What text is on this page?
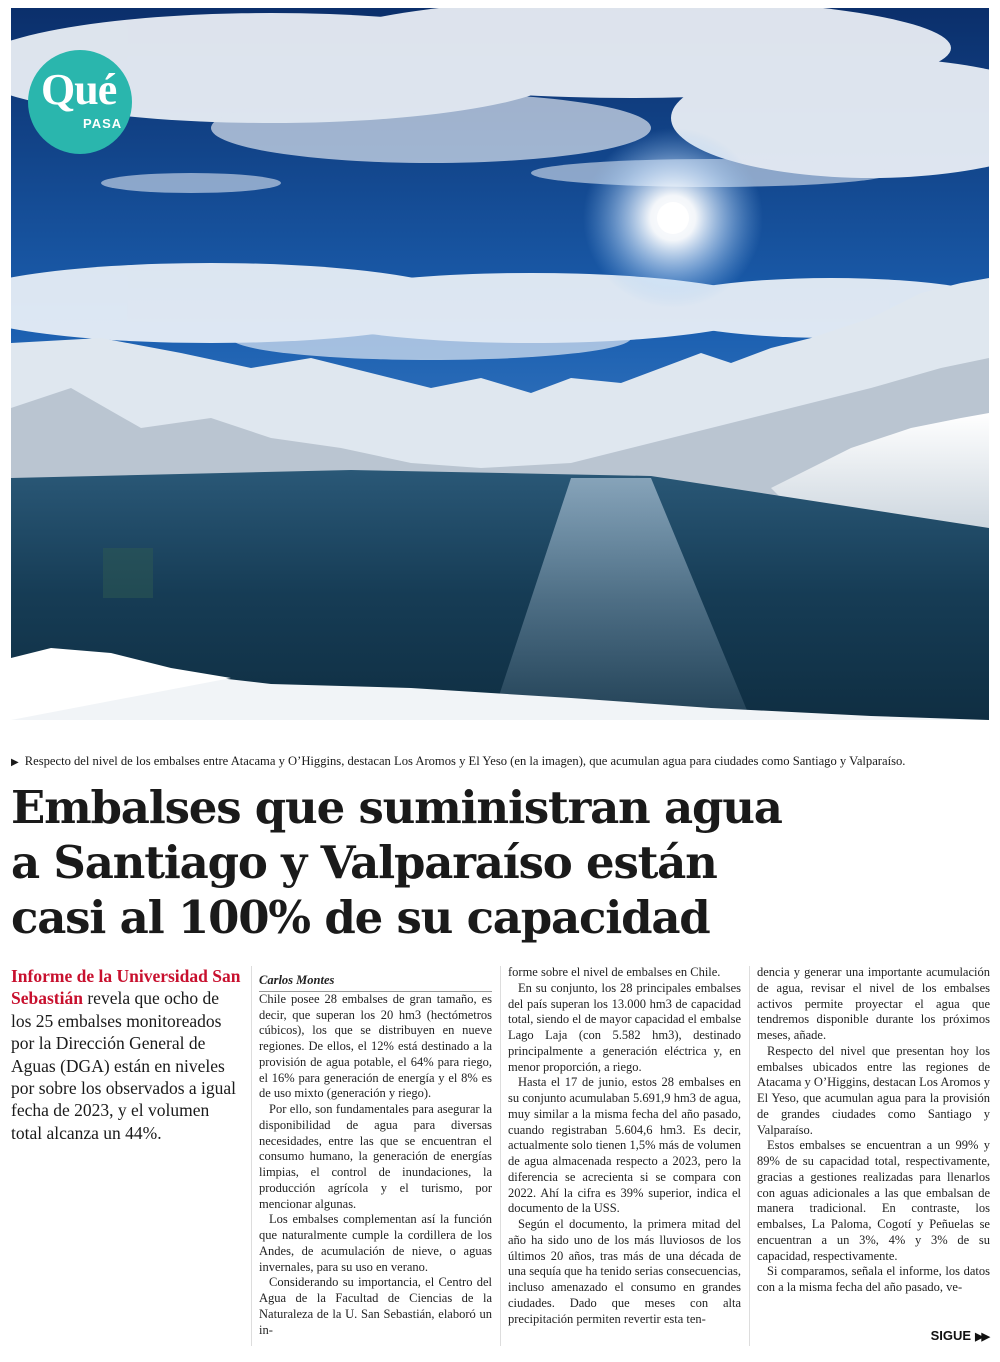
Qué
PASA
▶ Respecto del nivel de los embalses entre Atacama y O’Higgins, destacan Los Aromos y El Yeso (en la imagen), que acumulan agua para ciudades como Santiago y Valparaíso.
Embalses que suministran agua a Santiago y Valparaíso están casi al 100% de su capacidad
Informe de la Universidad San Sebastián revela que ocho de los 25 embalses monitoreados por la Dirección General de Aguas (DGA) están en niveles por sobre los observados a igual fecha de 2023, y el volumen total alcanza un 44%.

Carlos Montes

Chile posee 28 embalses de gran tamaño, es decir, que superan los 20 hm3 (hectómetros cúbicos), los que se distribuyen en nueve regiones. De ellos, el 12% está destinado a la provisión de agua potable, el 64% para riego, el 16% para generación de energía y el 8% es de uso mixto (generación y riego).

Por ello, son fundamentales para asegurar la disponibilidad de agua para diversas necesidades, entre las que se encuentran el consumo humano, la generación de energías limpias, el control de inundaciones, la producción agrícola y el turismo, por mencionar algunas.

Los embalses complementan así la función que naturalmente cumple la cordillera de los Andes, de acumulación de nieve, o aguas invernales, para su uso en verano.

Considerando su importancia, el Centro del Agua de la Facultad de Ciencias de la Naturaleza de la U. San Sebastián, elaboró un in-

forme sobre el nivel de embalses en Chile.

En su conjunto, los 28 principales embalses del país superan los 13.000 hm3 de capacidad total, siendo el de mayor capacidad el embalse Lago Laja (con 5.582 hm3), destinado principalmente a generación eléctrica y, en menor proporción, a riego.

Hasta el 17 de junio, estos 28 embalses en su conjunto acumulaban 5.691,9 hm3 de agua, muy similar a la misma fecha del año pasado, cuando registraban 5.604,6 hm3. Es decir, actualmente solo tienen 1,5% más de volumen de agua almacenada respecto a 2023, pero la diferencia se acrecienta si se compara con 2022. Ahí la cifra es 39% superior, indica el documento de la USS.

Según el documento, la primera mitad del año ha sido uno de los más lluviosos de los últimos 20 años, tras más de una década de una sequía que ha tenido serias consecuencias, incluso amenazado el consumo en grandes ciudades. Dado que meses con alta precipitación permiten revertir esta ten-

dencia y generar una importante acumulación de agua, revisar el nivel de los embalses activos permite proyectar el agua que tendremos disponible durante los próximos meses, añade.

Respecto del nivel que presentan hoy los embalses ubicados entre las regiones de Atacama y O’Higgins, destacan Los Aromos y El Yeso, que acumulan agua para la provisión de grandes ciudades como Santiago y Valparaíso.

Estos embalses se encuentran a un 99% y 89% de su capacidad total, respectivamente, gracias a gestiones realizadas para llenarlos con aguas adicionales a las que embalsan de manera tradicional. En contraste, los embalses, La Paloma, Cogotí y Peñuelas se encuentran a un 3%, 4% y 3% de su capacidad, respectivamente.

Si comparamos, señala el informe, los datos con a la misma fecha del año pasado, ve-

SIGUE ▶▶
